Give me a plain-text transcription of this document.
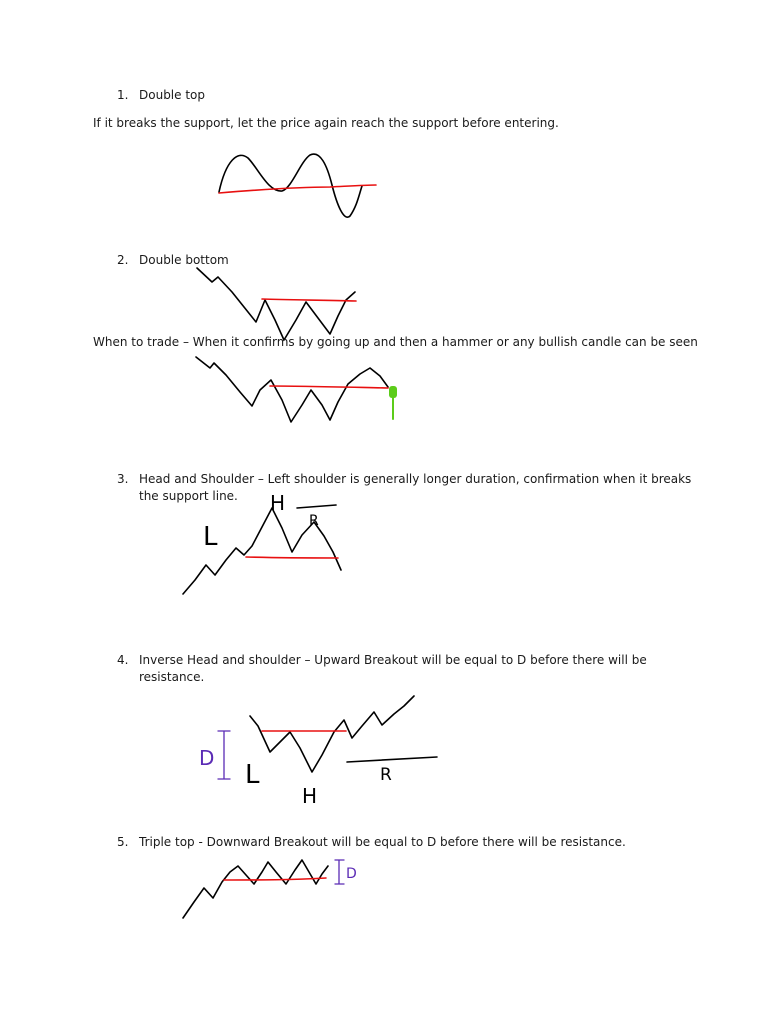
1. Double top
If it breaks the support, let the price again reach the support before entering.
2. Double bottom
When to trade – When it confirms by going up and then a hammer or any bullish candle can be seen
3. Head and Shoulder – Left shoulder is generally longer duration, confirmation when it breaks
the support line.
L
H
R
4. Inverse Head and shoulder – Upward Breakout will be equal to D before there will be
resistance.
D
L
H
R
5. Triple top - Downward Breakout will be equal to D before there will be resistance.
D
